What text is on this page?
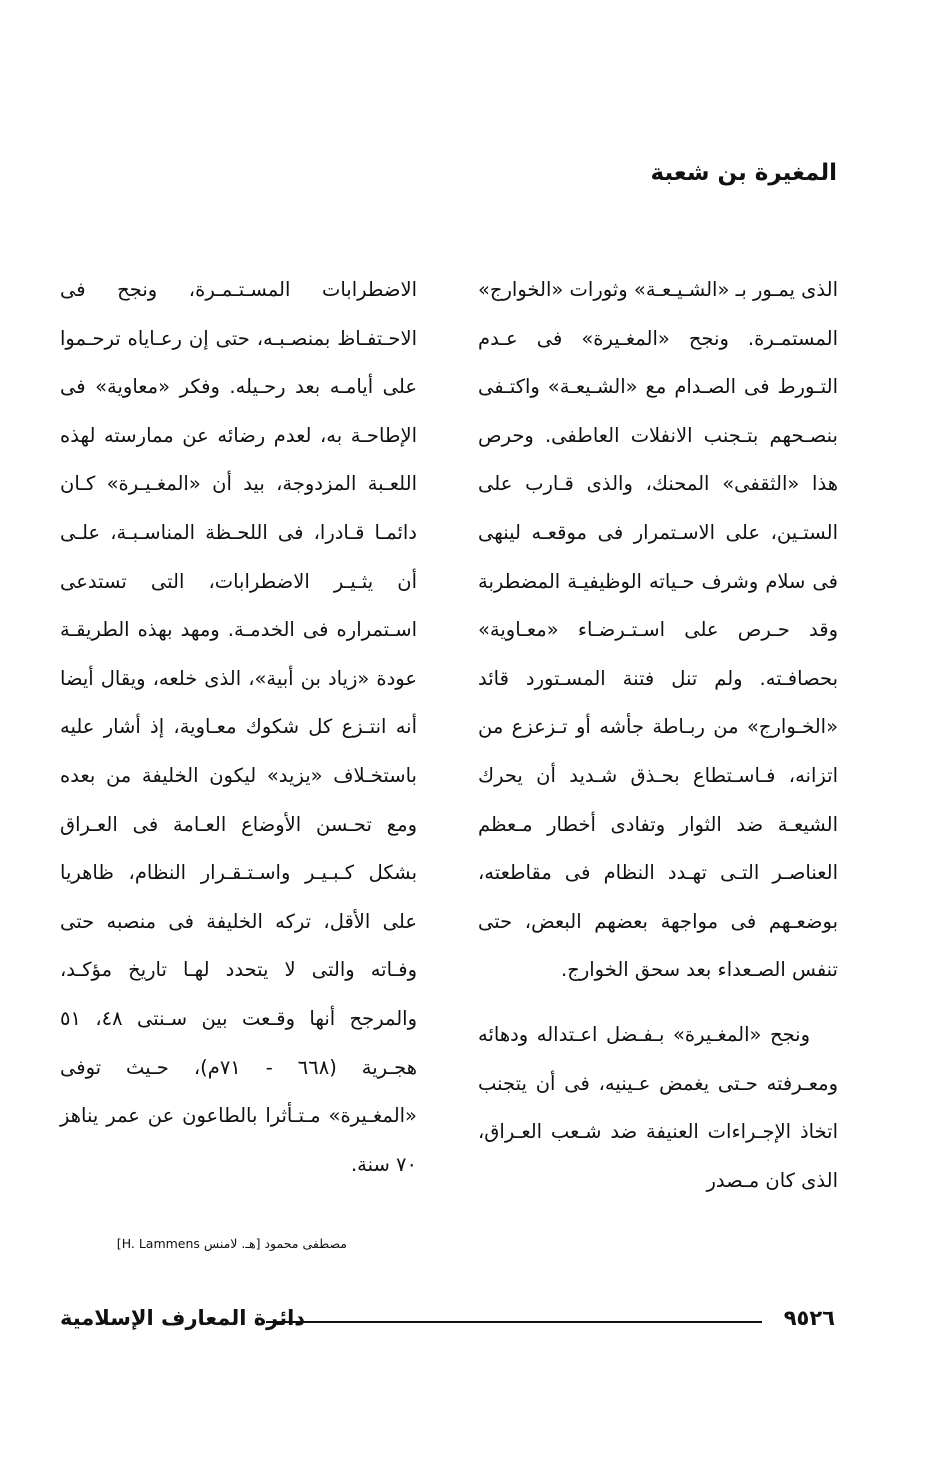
المغيرة بن شعبة

الذى يمـور بـ «الشـيـعـة» وثورات «الخوارج» المستمـرة. ونجح «المغـيرة» فى عـدم التـورط فى الصـدام مع «الشـيعـة» واكتـفى بنصـحهم بتـجنب الانفلات العاطفى. وحرص هذا «الثقفى» المحنك، والذى قـارب على الستـين، على الاسـتمرار فى موقعـه لينهى فى سلام وشرف حـياته الوظيفيـة المضطربة وقد حـرص على اسـتـرضـاء «معـاوية» بحصافـته. ولم تنل فتنة المسـتورد قائد «الخـوارج» من ربـاطة جأشه أو تـزعزع من اتزانه، فـاسـتطاع بحـذق شـديد أن يحرك الشيعـة ضد الثوار وتفادى أخطار مـعظم العناصـر التـى تهـدد النظام فى مقاطعته، بوضعـهم فى مواجهة بعضهم البعض، حتى تنفس الصـعداء بعد سحق الخوارج.

ونجح «المغـيرة» بـفـضل اعـتداله ودهائه ومعـرفته حـتى يغمض عـينيه، فى أن يتجنب اتخاذ الإجـراءات العنيفة ضد شـعب العـراق، الذى كان مـصدر

الاضطرابات المسـتـمـرة، ونجح فى الاحـتفـاظ بمنصـبـه، حتى إن رعـاياه ترحـموا على أيامـه بعد رحـيله. وفكر «معاوية» فى الإطاحـة به، لعدم رضائه عن ممارسته لهذه اللعـبة المزدوجة، بيد أن «المغـيـرة» كـان دائمـا قـادرا، فى اللحـظة المناسـبـة، علـى أن يثـيـر الاضطرابات، التى تستدعى اسـتمراره فى الخدمـة. ومهد بهذه الطريقـة عودة «زياد بن أبية»، الذى خلعه، ويقال أيضا أنه انتـزع كل شكوك معـاوية، إذ أشار عليه باستخـلاف «يزيد» ليكون الخليفة من بعده ومع تحـسن الأوضاع العـامة فى العـراق بشكل كـبـيـر واسـتـقـرار النظام، ظاهريا على الأقل، تركه الخليفة فى منصبه حتى وفـاته والتى لا يتحدد لهـا تاريخ مؤكـد، والمرجح أنها وقـعت بين سـنتى ٤٨، ٥١ هجـرية (٦٦٨ - ٧١م)، حـيث توفى «المغـيرة» مـتـأثرا بالطاعون عن عمر يناهز ٧٠ سنة.

مصطفى محمود [هـ. لامنس H. Lammens]
٩٥٢٦
دائرة المعارف الإسلامية
